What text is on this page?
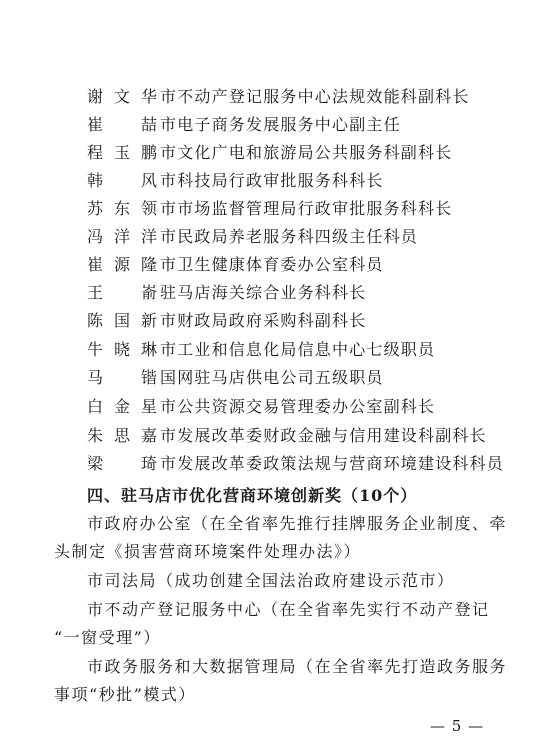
谢文华 市不动产登记服务中心法规效能科副科长
崔　喆 市电子商务发展服务中心副主任
程玉鹏 市文化广电和旅游局公共服务科副科长
韩　风 市科技局行政审批服务科科长
苏东领 市市场监督管理局行政审批服务科科长
冯洋洋 市民政局养老服务科四级主任科员
崔源隆 市卫生健康体育委办公室科员
王　嵛 驻马店海关综合业务科科长
陈国新 市财政局政府采购科副科长
牛晓琳 市工业和信息化局信息中心七级职员
马　锴 国网驻马店供电公司五级职员
白金星 市公共资源交易管理委办公室副科长
朱思嘉 市发展改革委财政金融与信用建设科副科长
梁　琦 市发展改革委政策法规与营商环境建设科科员
四、驻马店市优化营商环境创新奖（10个）
市政府办公室（在全省率先推行挂牌服务企业制度、牵
头制定《损害营商环境案件处理办法》）
市司法局（成功创建全国法治政府建设示范市）
市不动产登记服务中心（在全省率先实行不动产登记
“一窗受理”）
市政务服务和大数据管理局（在全省率先打造政务服务
事项“秒批”模式）
— 5 —
